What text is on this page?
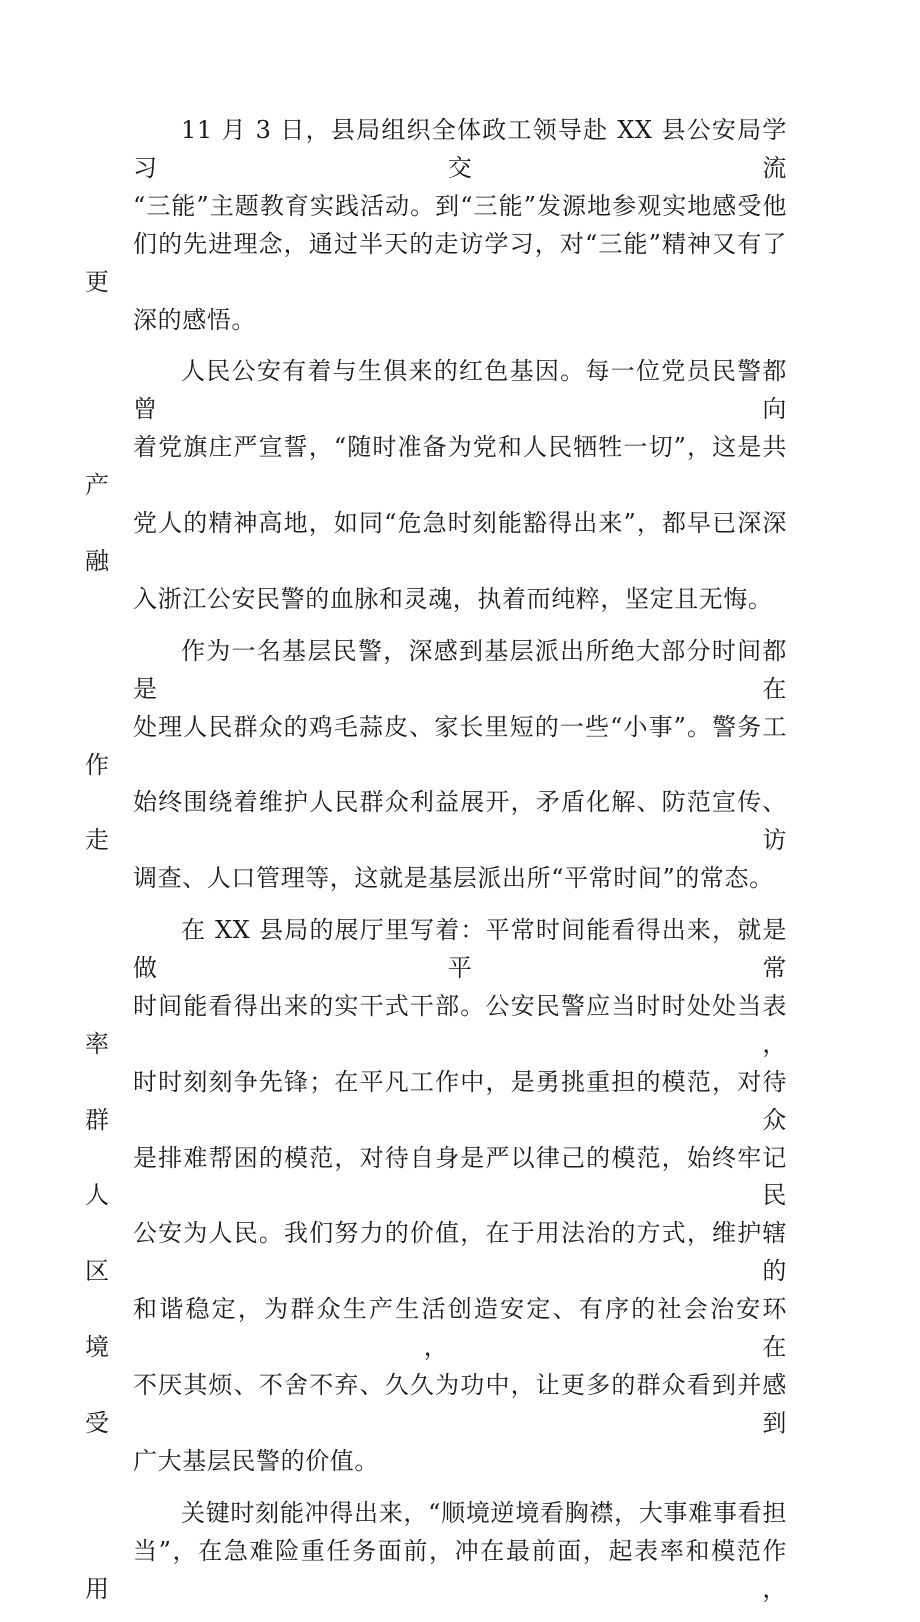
11 月 3 日，县局组织全体政工领导赴 XX 县公安局学习交流
“三能”主题教育实践活动。到“三能”发源地参观实地感受他
们的先进理念，通过半天的走访学习，对“三能”精神又有了更
深的感悟。

人民公安有着与生俱来的红色基因。每一位党员民警都曾向
着党旗庄严宣誓，“随时准备为党和人民牺牲一切”，这是共产
党人的精神高地，如同“危急时刻能豁得出来”，都早已深深融
入浙江公安民警的血脉和灵魂，执着而纯粹，坚定且无悔。

作为一名基层民警，深感到基层派出所绝大部分时间都是在
处理人民群众的鸡毛蒜皮、家长里短的一些“小事”。警务工作
始终围绕着维护人民群众利益展开，矛盾化解、防范宣传、走访
调查、人口管理等，这就是基层派出所“平常时间”的常态。

在 XX 县局的展厅里写着：平常时间能看得出来，就是做平常
时间能看得出来的实干式干部。公安民警应当时时处处当表率，
时时刻刻争先锋；在平凡工作中，是勇挑重担的模范，对待群众
是排难帮困的模范，对待自身是严以律己的模范，始终牢记人民
公安为人民。我们努力的价值，在于用法治的方式，维护辖区的
和谐稳定，为群众生产生活创造安定、有序的社会治安环境，在
不厌其烦、不舍不弃、久久为功中，让更多的群众看到并感受到
广大基层民警的价值。

关键时刻能冲得出来，“顺境逆境看胸襟，大事难事看担
当”，在急难险重任务面前，冲在最前面，起表率和模范作用，
